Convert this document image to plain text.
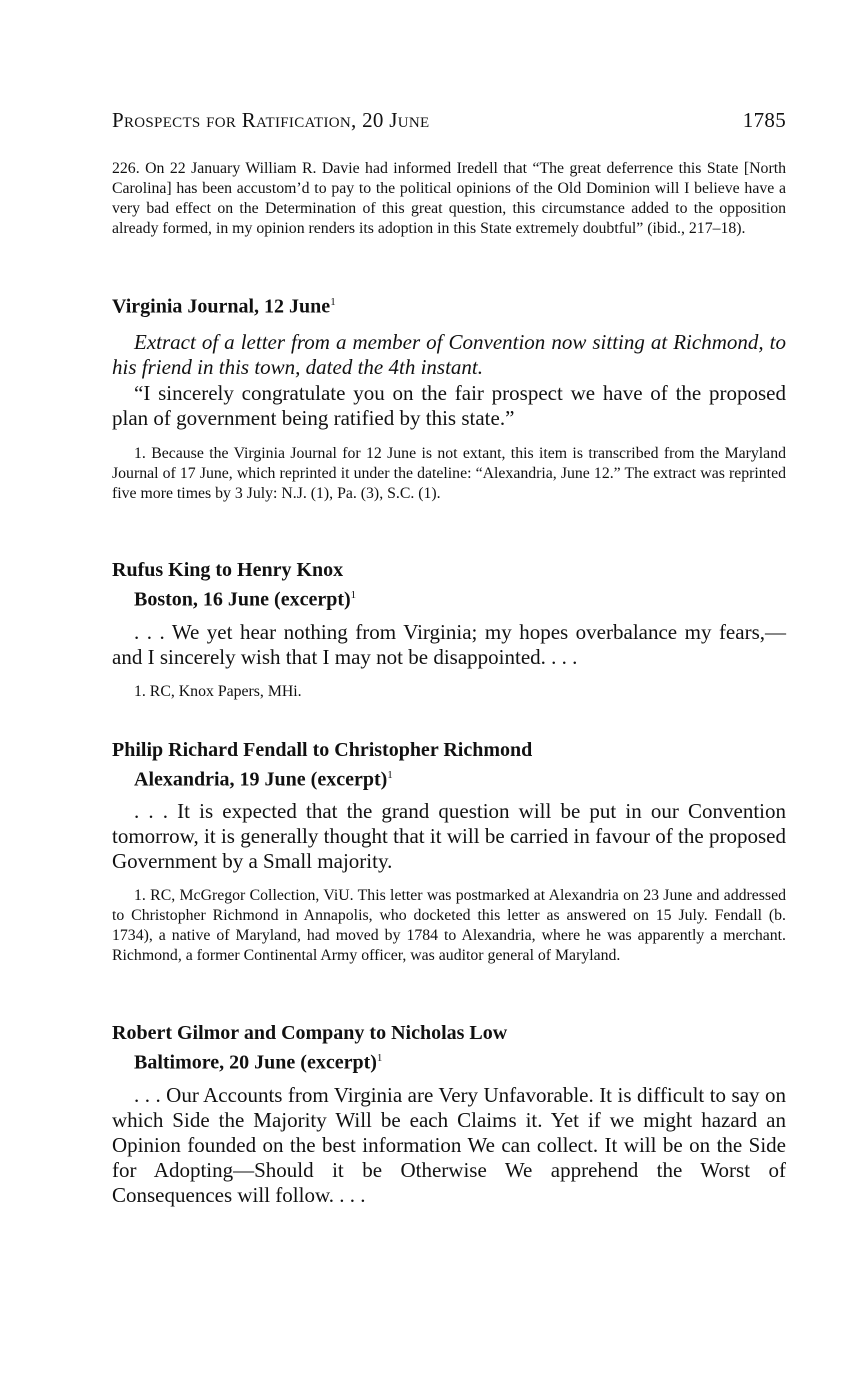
Prospects for Ratification, 20 June	1785
226. On 22 January William R. Davie had informed Iredell that “The great deferrence this State [North Carolina] has been accustom’d to pay to the political opinions of the Old Dominion will I believe have a very bad effect on the Determination of this great question, this circumstance added to the opposition already formed, in my opinion renders its adoption in this State extremely doubtful” (ibid., 217–18).
Virginia Journal, 12 June$^1$
Extract of a letter from a member of Convention now sitting at Richmond, to his friend in this town, dated the 4th instant.
“I sincerely congratulate you on the fair prospect we have of the proposed plan of government being ratified by this state.”
1. Because the Virginia Journal for 12 June is not extant, this item is transcribed from the Maryland Journal of 17 June, which reprinted it under the dateline: “Alexandria, June 12.” The extract was reprinted five more times by 3 July: N.J. (1), Pa. (3), S.C. (1).
Rufus King to Henry Knox
Boston, 16 June (excerpt)$^1$
. . . We yet hear nothing from Virginia; my hopes overbalance my fears,—and I sincerely wish that I may not be disappointed. . . .
1. RC, Knox Papers, MHi.
Philip Richard Fendall to Christopher Richmond
Alexandria, 19 June (excerpt)$^1$
. . . It is expected that the grand question will be put in our Convention tomorrow, it is generally thought that it will be carried in favour of the proposed Government by a Small majority.
1. RC, McGregor Collection, ViU. This letter was postmarked at Alexandria on 23 June and addressed to Christopher Richmond in Annapolis, who docketed this letter as answered on 15 July. Fendall (b. 1734), a native of Maryland, had moved by 1784 to Alexandria, where he was apparently a merchant. Richmond, a former Continental Army officer, was auditor general of Maryland.
Robert Gilmor and Company to Nicholas Low
Baltimore, 20 June (excerpt)$^1$
. . . Our Accounts from Virginia are Very Unfavorable. It is difficult to say on which Side the Majority Will be each Claims it. Yet if we might hazard an Opinion founded on the best information We can collect. It will be on the Side for Adopting—Should it be Otherwise We apprehend the Worst of Consequences will follow. . . .
